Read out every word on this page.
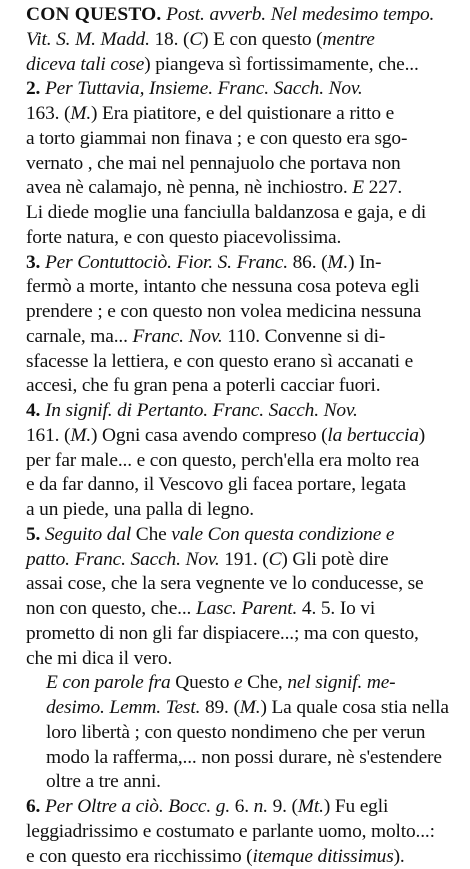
CON QUESTO. Post. avverb. Nel medesimo tempo.
Vit. S. M. Madd. 18. (C) E con questo (mentre
diceva tali cose) piangeva sì fortissimamente, che...

2. Per Tuttavia, Insieme. Franc. Sacch. Nov.
163. (M.) Era piatitore, e del quistionare a ritto e
a torto giammai non finava ; e con questo era sgo-
vernato , che mai nel pennajuolo che portava non
avea nè calamajo, nè penna, nè inchiostro. E 227.
Li diede moglie una fanciulla baldanzosa e gaja, e di
forte natura, e con questo piacevolissima.

3. Per Contuttociò. Fior. S. Franc. 86. (M.) In-
fermò a morte, intanto che nessuna cosa poteva egli
prendere ; e con questo non volea medicina nessuna
carnale, ma... Franc. Nov. 110. Convenne si di-
sfacesse la lettiera, e con questo erano sì accanati e
accesi, che fu gran pena a poterli cacciar fuori.

4. In signif. di Pertanto. Franc. Sacch. Nov.
161. (M.) Ogni casa avendo compreso (la bertuccia)
per far male... e con questo, perch'ella era molto rea
e da far danno, il Vescovo gli facea portare, legata
a un piede, una palla di legno.

5. Seguito dal Che vale Con questa condizione e
patto. Franc. Sacch. Nov. 191. (C) Gli potè dire
assai cose, che la sera vegnente ve lo conducesse, se
non con questo, che... Lasc. Parent. 4. 5. Io vi
prometto di non gli far dispiacere...; ma con questo,
che mi dica il vero.

E con parole fra Questo e Che, nel signif. me-
desimo. Lemm. Test. 89. (M.) La quale cosa stia nella
loro libertà ; con questo nondimeno che per verun
modo la rafferma,... non possi durare, nè s'estendere
oltre a tre anni.

6. Per Oltre a ciò. Bocc. g. 6. n. 9. (Mt.) Fu egli
leggiadrissimo e costumato e parlante uomo, molto...:
e con questo era ricchissimo (itemque ditissimus).
